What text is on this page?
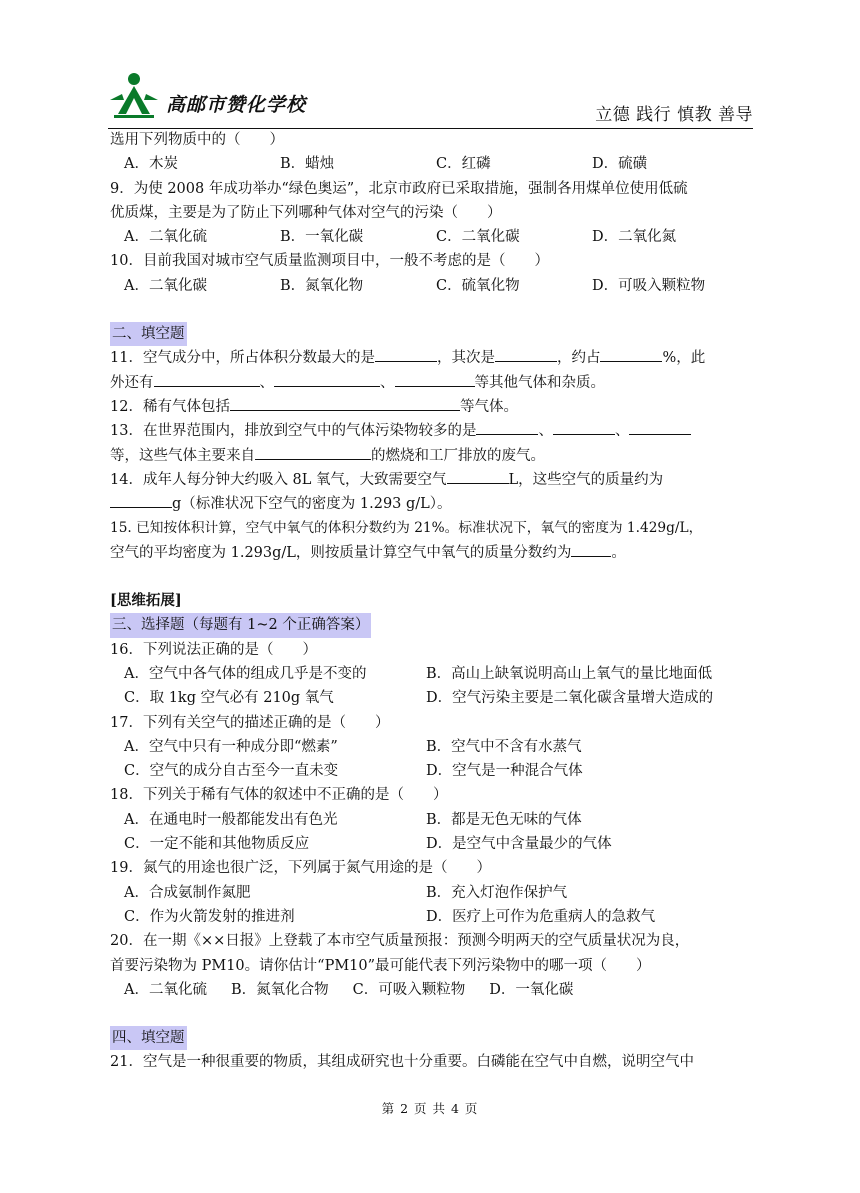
高邮市赞化学校	立德 践行 慎教 善导
选用下列物质中的（　　）
A．木炭	B．蜡烛	C．红磷	D．硫磺
9．为使 2008 年成功举办“绿色奥运”，北京市政府已采取措施，强制各用煤单位使用低硫
优质煤，主要是为了防止下列哪种气体对空气的污染（　　）
A．二氧化硫	B．一氧化碳	C．二氧化碳	D．二氧化氮
10．目前我国对城市空气质量监测项目中，一般不考虑的是（　　）
A．二氧化碳	B．氮氧化物	C．硫氧化物	D．可吸入颗粒物
二、填空题
11．空气成分中，所占体积分数最大的是	，其次是	，约占	%，此
外还有	、	、	等其他气体和杂质。
12．稀有气体包括	等气体。
13．在世界范围内，排放到空气中的气体污染物较多的是	、	、
等，这些气体主要来自	的燃烧和工厂排放的废气。
14．成年人每分钟大约吸入 8L 氧气，大致需要空气	L，这些空气的质量约为
g（标准状况下空气的密度为 1.293 g/L）。
15. 已知按体积计算，空气中氧气的体积分数约为 21%。标准状况下，氧气的密度为 1.429g/L，
空气的平均密度为 1.293g/L，则按质量计算空气中氧气的质量分数约为	。
[思维拓展]
三、选择题（每题有 1~2 个正确答案）
16．下列说法正确的是（　　）
A．空气中各气体的组成几乎是不变的	B．高山上缺氧说明高山上氧气的量比地面低
C．取 1kg 空气必有 210g 氧气	D．空气污染主要是二氧化碳含量增大造成的
17．下列有关空气的描述正确的是（　　）
A．空气中只有一种成分即“燃素”	B．空气中不含有水蒸气
C．空气的成分自古至今一直未变	D．空气是一种混合气体
18．下列关于稀有气体的叙述中不正确的是（　　）
A．在通电时一般都能发出有色光	B．都是无色无味的气体
C．一定不能和其他物质反应	D．是空气中含量最少的气体
19．氮气的用途也很广泛，下列属于氮气用途的是（　　）
A．合成氨制作氮肥	B．充入灯泡作保护气
C．作为火箭发射的推进剂	D．医疗上可作为危重病人的急救气
20．在一期《××日报》上登载了本市空气质量预报：预测今明两天的空气质量状况为良，
首要污染物为 PM10。请你估计“PM10”最可能代表下列污染物中的哪一项（　　）
A．二氧化硫 B．氮氧化合物 C．可吸入颗粒物 D．一氧化碳
四、填空题
21．空气是一种很重要的物质，其组成研究也十分重要。白磷能在空气中自燃，说明空气中
第 2 页 共 4 页
